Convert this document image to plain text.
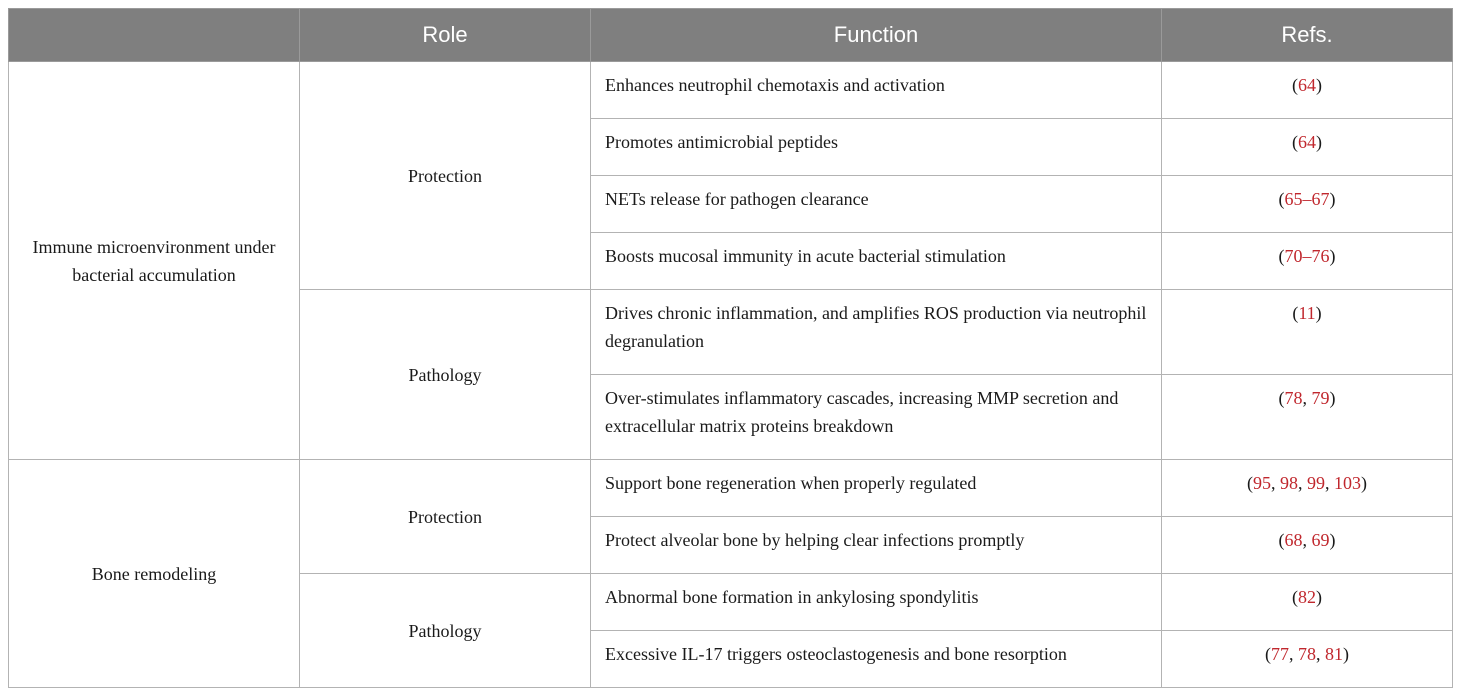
	Role	Function	Refs.
Immune microenvironment under bacterial accumulation	Protection	Enhances neutrophil chemotaxis and activation	(64)
		Promotes antimicrobial peptides	(64)
		NETs release for pathogen clearance	(65–67)
		Boosts mucosal immunity in acute bacterial stimulation	(70–76)
	Pathology	Drives chronic inflammation, and amplifies ROS production via neutrophil degranulation	(11)
		Over-stimulates inflammatory cascades, increasing MMP secretion and extracellular matrix proteins breakdown	(78, 79)
Bone remodeling	Protection	Support bone regeneration when properly regulated	(95, 98, 99, 103)
		Protect alveolar bone by helping clear infections promptly	(68, 69)
	Pathology	Abnormal bone formation in ankylosing spondylitis	(82)
		Excessive IL-17 triggers osteoclastogenesis and bone resorption	(77, 78, 81)
